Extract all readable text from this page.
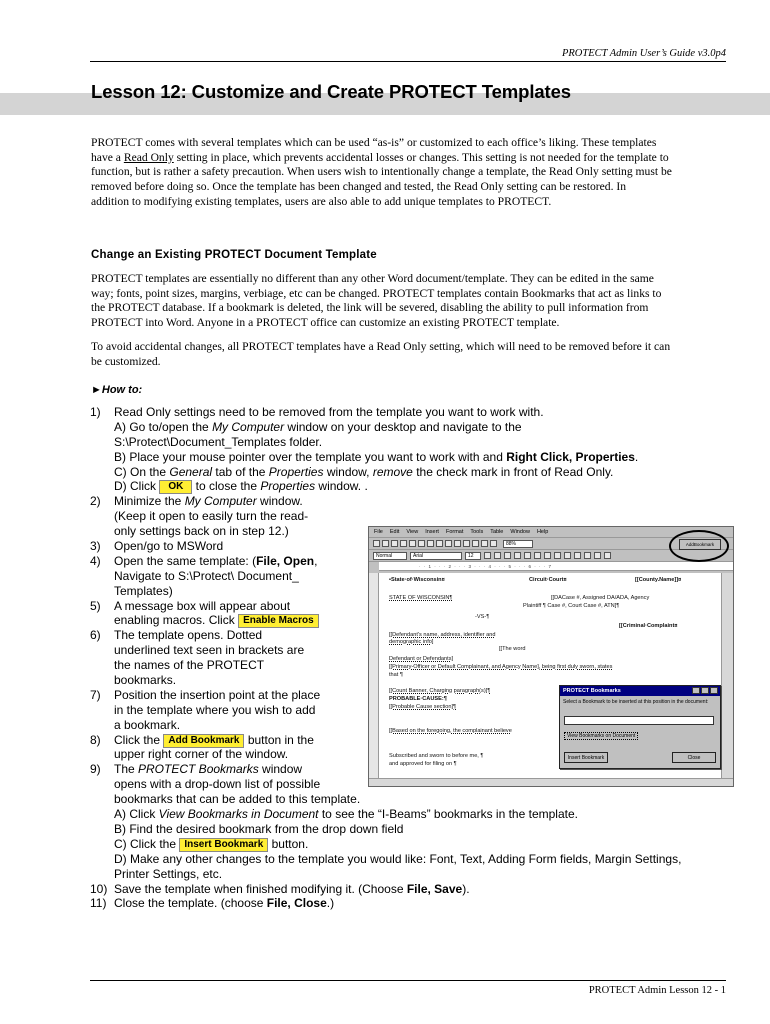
PROTECT Admin User’s Guide v3.0p4
Lesson 12: Customize and Create PROTECT Templates
PROTECT comes with several templates which can be used “as-is” or customized to each office’s liking. These templates
have a Read Only setting in place, which prevents accidental losses or changes. This setting is not needed for the template to
function, but is rather a safety precaution. When users wish to intentionally change a template, the Read Only setting must be
removed before doing so. Once the template has been changed and tested, the Read Only setting can be restored. In
addition to modifying existing templates, users are also able to add unique templates to PROTECT.
Change an Existing PROTECT Document Template
PROTECT templates are essentially no different than any other Word document/template. They can be edited in the same
way; fonts, point sizes, margins, verbiage, etc can be changed. PROTECT templates contain Bookmarks that act as links to
the PROTECT database. If a bookmark is deleted, the link will be severed, disabling the ability to pull information from
PROTECT into Word. Anyone in a PROTECT office can customize an existing PROTECT template.
To avoid accidental changes, all PROTECT templates have a Read Only setting, which will need to be removed before it can
be customized.
►How to:
1) Read Only settings need to be removed from the template you want to work with.
A) Go to/open the My Computer window on your desktop and navigate to the
S:\Protect\Document_Templates folder.
B) Place your mouse pointer over the template you want to work with and Right Click, Properties.
C) On the General tab of the Properties window, remove the check mark in front of Read Only.
D) Click OK to close the Properties window. .
2) Minimize the My Computer window.
(Keep it open to easily turn the read-
only settings back on in step 12.)
3) Open/go to MSWord
4) Open the same template: (File, Open,
Navigate to S:\Protect\ Document_
Templates)
5) A message box will appear about
enabling macros. Click Enable Macros
6) The template opens. Dotted
underlined text seen in brackets are
the names of the PROTECT
bookmarks.
7) Position the insertion point at the place
in the template where you wish to add
a bookmark.
8) Click the Add Bookmark button in the
upper right corner of the window.
9) The PROTECT Bookmarks window
opens with a drop-down list of possible
bookmarks that can be added to this template.
A) Click View Bookmarks in Document to see the “I-Beams” bookmarks in the template.
B) Find the desired bookmark from the drop down field
C) Click the Insert Bookmark button.
D) Make any other changes to the template you would like: Font, Text, Adding Form fields, Margin Settings,
Printer Settings, etc.
10) Save the template when finished modifying it. (Choose File, Save).
11) Close the template. (choose File, Close.)
File Edit View Insert Format Tools Table Window Help
88%	AddBookmark
Normal	Arial	12
· · 1 · · · 2 · · · 3 · · · 4 · · · 5 · · · 6 · · · 7
•State·of·Wisconsin¤	Circuit·Court¤	[[County.Name]]¤
STATE OF WISCONSIN¶	[[DACase #, Assigned DA/ADA, Agency
Plaintiff ¶ Case #, Court Case #, ATN]¶
-VS-¶
[[Criminal·Complaint¤
[[Defendant's name, address, identifier and
demographic info]
[[The word
Defendant or Defendants]
[[Primary-Officer or Default Complainant, and Agency Name], being first duly sworn, states
that ¶
[[Count Banner, Charging paragraph(s)]¶
PROBABLE·CAUSE:¶
[[Probable Cause section]¶
[[Based on the foregoing, the complainant believe
Subscribed and sworn to before me, ¶
and approved for filing on ¶
PROTECT Bookmarks
Select a Bookmark to be inserted at this position in the document:
View Bookmarks on Document
Insert Bookmark	Close
PROTECT Admin Lesson 12 - 1
